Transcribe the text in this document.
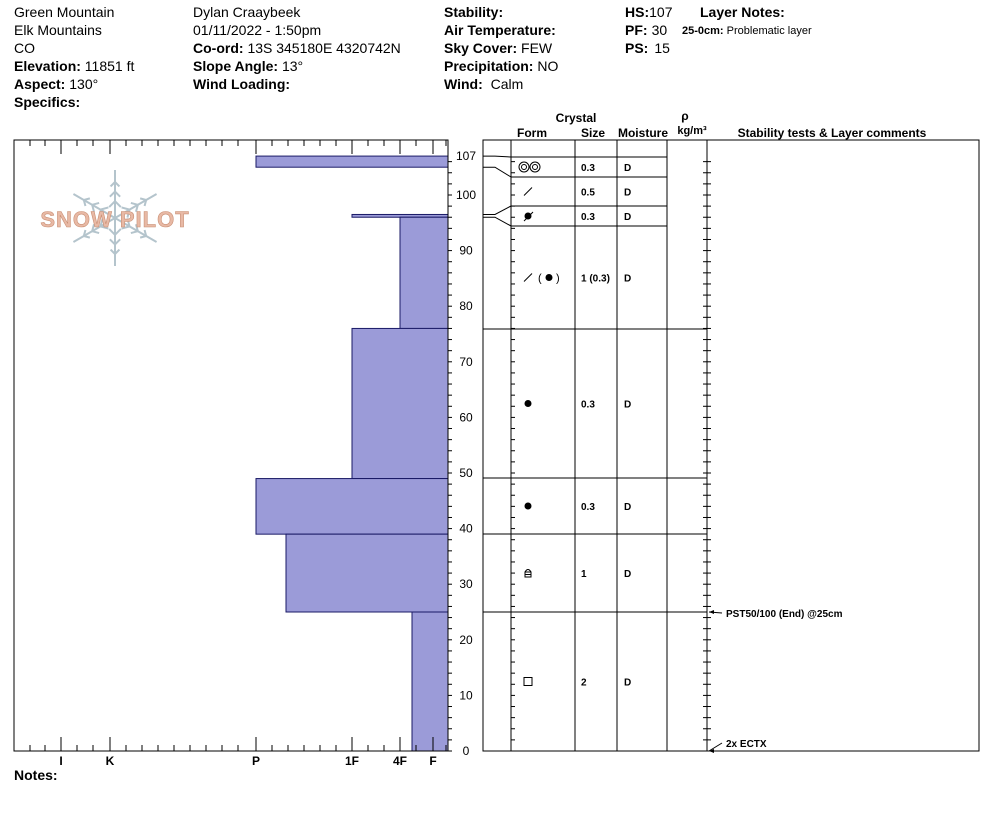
Green Mountain
Elk Mountains
CO
Elevation: 11851 ft
Aspect: 130°
Specifics:
Dylan Craaybeek
01/11/2022 - 1:50pm
Co-ord: 13S 345180E 4320742N
Slope Angle: 13°
Wind Loading:
Stability:
Air Temperature:
Sky Cover: FEW
Precipitation: NO
Wind: Calm
HS:107
PF: 30
PS: 15
Layer Notes:
25-0cm: Problematic layer
Notes:
SNOW PILOT
I	K	P	1F	4F F
0
10
20
30
40
50
60
70
80
90
100
107
Crystal
Form	Size Moisture
ρ
kg/m³	Stability tests & Layer comments
0.3	D
0.5	D
0.3	D
1 (0.3) D
( )
0.3	D
0.3	D
1	D
2	D
PST50/100 (End) @25cm
2x ECTX
